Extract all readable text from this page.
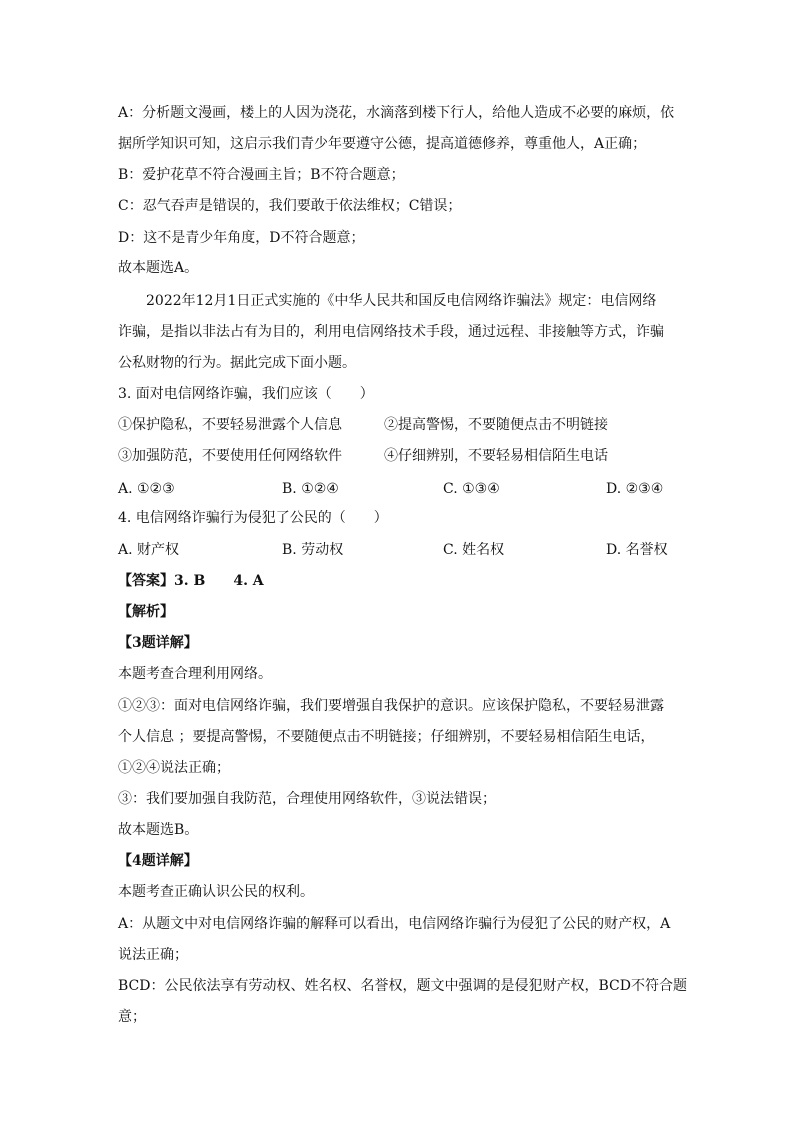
A：分析题文漫画，楼上的人因为浇花，水滴落到楼下行人，给他人造成不必要的麻烦，依
据所学知识可知，这启示我们青少年要遵守公德，提高道德修养，尊重他人，A正确；
B：爱护花草不符合漫画主旨；B不符合题意；
C：忍气吞声是错误的，我们要敢于依法维权；C错误；
D：这不是青少年角度，D不符合题意；
故本题选A。
2022年12月1日正式实施的《中华人民共和国反电信网络诈骗法》规定：电信网络
诈骗，是指以非法占有为目的，利用电信网络技术手段，通过远程、非接触等方式，诈骗
公私财物的行为。据此完成下面小题。
3. 面对电信网络诈骗，我们应该（　　）
①保护隐私，不要轻易泄露个人信息　　　②提高警惕，不要随便点击不明链接
③加强防范，不要使用任何网络软件　　　④仔细辨别，不要轻易相信陌生电话
A. ①②③	B. ①②④	C. ①③④	D. ②③④
4. 电信网络诈骗行为侵犯了公民的（　　）
A. 财产权	B. 劳动权	C. 姓名权	D. 名誉权
【答案】3. B　　4. A
【解析】
【3题详解】
本题考查合理利用网络。
①②③：面对电信网络诈骗，我们要增强自我保护的意识。应该保护隐私，不要轻易泄露
个人信息 ；要提高警惕，不要随便点击不明链接；仔细辨别，不要轻易相信陌生电话，
①②④说法正确；
③：我们要加强自我防范，合理使用网络软件，③说法错误；
故本题选B。
【4题详解】
本题考查正确认识公民的权利。
A：从题文中对电信网络诈骗的解释可以看出，电信网络诈骗行为侵犯了公民的财产权，A
说法正确；
BCD：公民依法享有劳动权、姓名权、名誉权，题文中强调的是侵犯财产权，BCD不符合题
意；
